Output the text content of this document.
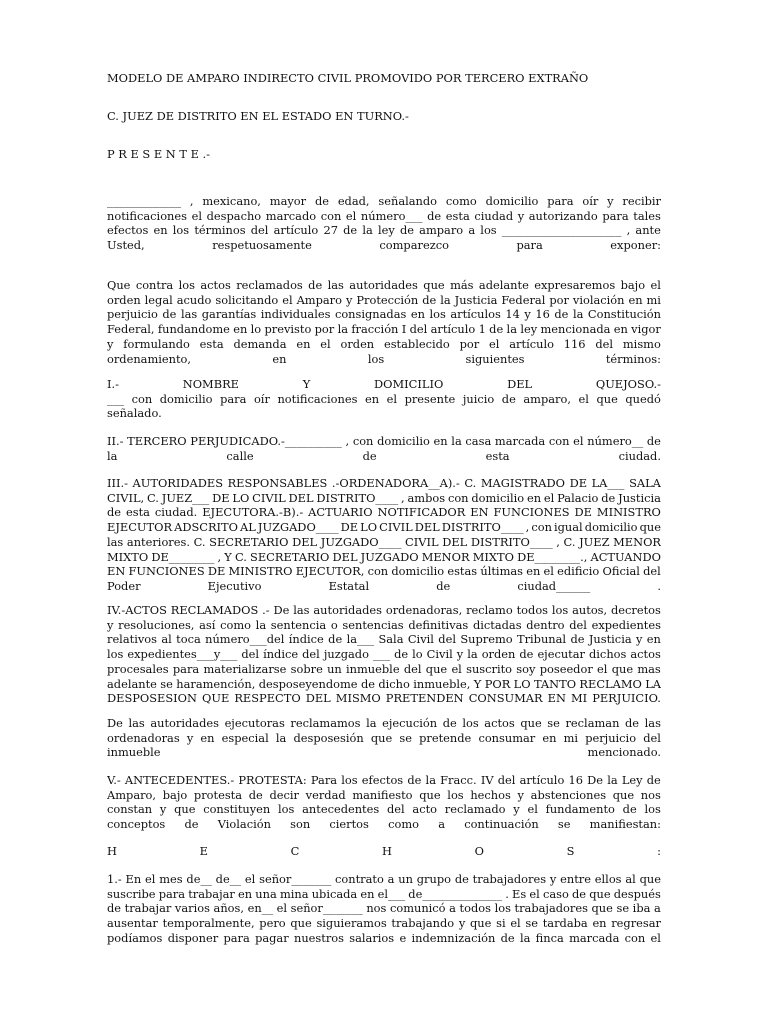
MODELO DE AMPARO INDIRECTO CIVIL PROMOVIDO POR TERCERO EXTRAÑO
C. JUEZ DE DISTRITO EN EL ESTADO EN TURNO.-
P R E S E N T E .-
_____________ , mexicano, mayor de edad, señalando como domicilio para oír y recibir
notificaciones el despacho marcado con el número___ de esta ciudad y autorizando para tales
efectos en los términos del artículo 27 de la ley de amparo a los _____________________ , ante
Usted,	respetuosamente	comparezco	para	exponer:
Que contra los actos reclamados de las autoridades que más adelante expresaremos bajo el
orden legal acudo solicitando el Amparo y Protección de la Justicia Federal por violación en mi
perjuicio de las garantías individuales consignadas en los artículos 14 y 16 de la Constitución
Federal, fundandome en lo previsto por la fracción I del artículo 1 de la ley mencionada en vigor
y formulando esta demanda en el orden establecido por el artículo 116 del mismo
ordenamiento,	en	los	siguientes	términos:
I.-	NOMBRE	Y	DOMICILIO	DEL	QUEJOSO.-
___ con domicilio para oír notificaciones en el presente juicio de amparo, el que quedó
señalado.
II.- TERCERO PERJUDICADO.-__________ , con domicilio en la casa marcada con el número__ de
la	calle	de	esta	ciudad.
III.- AUTORIDADES RESPONSABLES .-ORDENADORA__A).- C. MAGISTRADO DE LA___ SALA
CIVIL, C. JUEZ___ DE LO CIVIL DEL DISTRITO____ , ambos con domicilio en el Palacio de Justicia
de esta ciudad. EJECUTORA.-B).- ACTUARIO NOTIFICADOR EN FUNCIONES DE MINISTRO
EJECUTOR ADSCRITO AL JUZGADO____ DE LO CIVIL DEL DISTRITO____ , con igual domicilio que
las anteriores. C. SECRETARIO DEL JUZGADO____ CIVIL DEL DISTRITO____ , C. JUEZ MENOR
MIXTO DE________ , Y C. SECRETARIO DEL JUZGADO MENOR MIXTO DE________., ACTUANDO
EN FUNCIONES DE MINISTRO EJECUTOR, con domicilio estas últimas en el edificio Oficial del
Poder	Ejecutivo	Estatal	de	ciudad______	.
IV.-ACTOS RECLAMADOS .- De las autoridades ordenadoras, reclamo todos los autos, decretos
y resoluciones, así como la sentencia o sentencias definitivas dictadas dentro del expedientes
relativos al toca número___del índice de la___ Sala Civil del Supremo Tribunal de Justicia y en
los expedientes___y___ del índice del juzgado ___ de lo Civil y la orden de ejecutar dichos actos
procesales para materializarse sobre un inmueble del que el suscrito soy poseedor el que mas
adelante se haramención, desposeyendome de dicho inmueble, Y POR LO TANTO RECLAMO LA
DESPOSESION QUE RESPECTO DEL MISMO PRETENDEN CONSUMAR EN MI PERJUICIO.
De las autoridades ejecutoras reclamamos la ejecución de los actos que se reclaman de las
ordenadoras y en especial la desposesión que se pretende consumar en mi perjuicio del
inmueble	mencionado.
V.- ANTECEDENTES.- PROTESTA: Para los efectos de la Fracc. IV del artículo 16 De la Ley de
Amparo, bajo protesta de decir verdad manifiesto que los hechos y abstenciones que nos
constan y que constituyen los antecedentes del acto reclamado y el fundamento de los
conceptos de Violación son ciertos como a continuación se manifiestan:
H	E	C	H	O	S	:
1.- En el mes de__ de__ el señor_______ contrato a un grupo de trabajadores y entre ellos al que
suscribe para trabajar en una mina ubicada en el___ de______________ . Es el caso de que después
de trabajar varios años, en__ el señor_______ nos comunicó a todos los trabajadores que se iba a
ausentar temporalmente, pero que siguieramos trabajando y que si el se tardaba en regresar
podíamos disponer para pagar nuestros salarios e indemnización de la finca marcada con el
